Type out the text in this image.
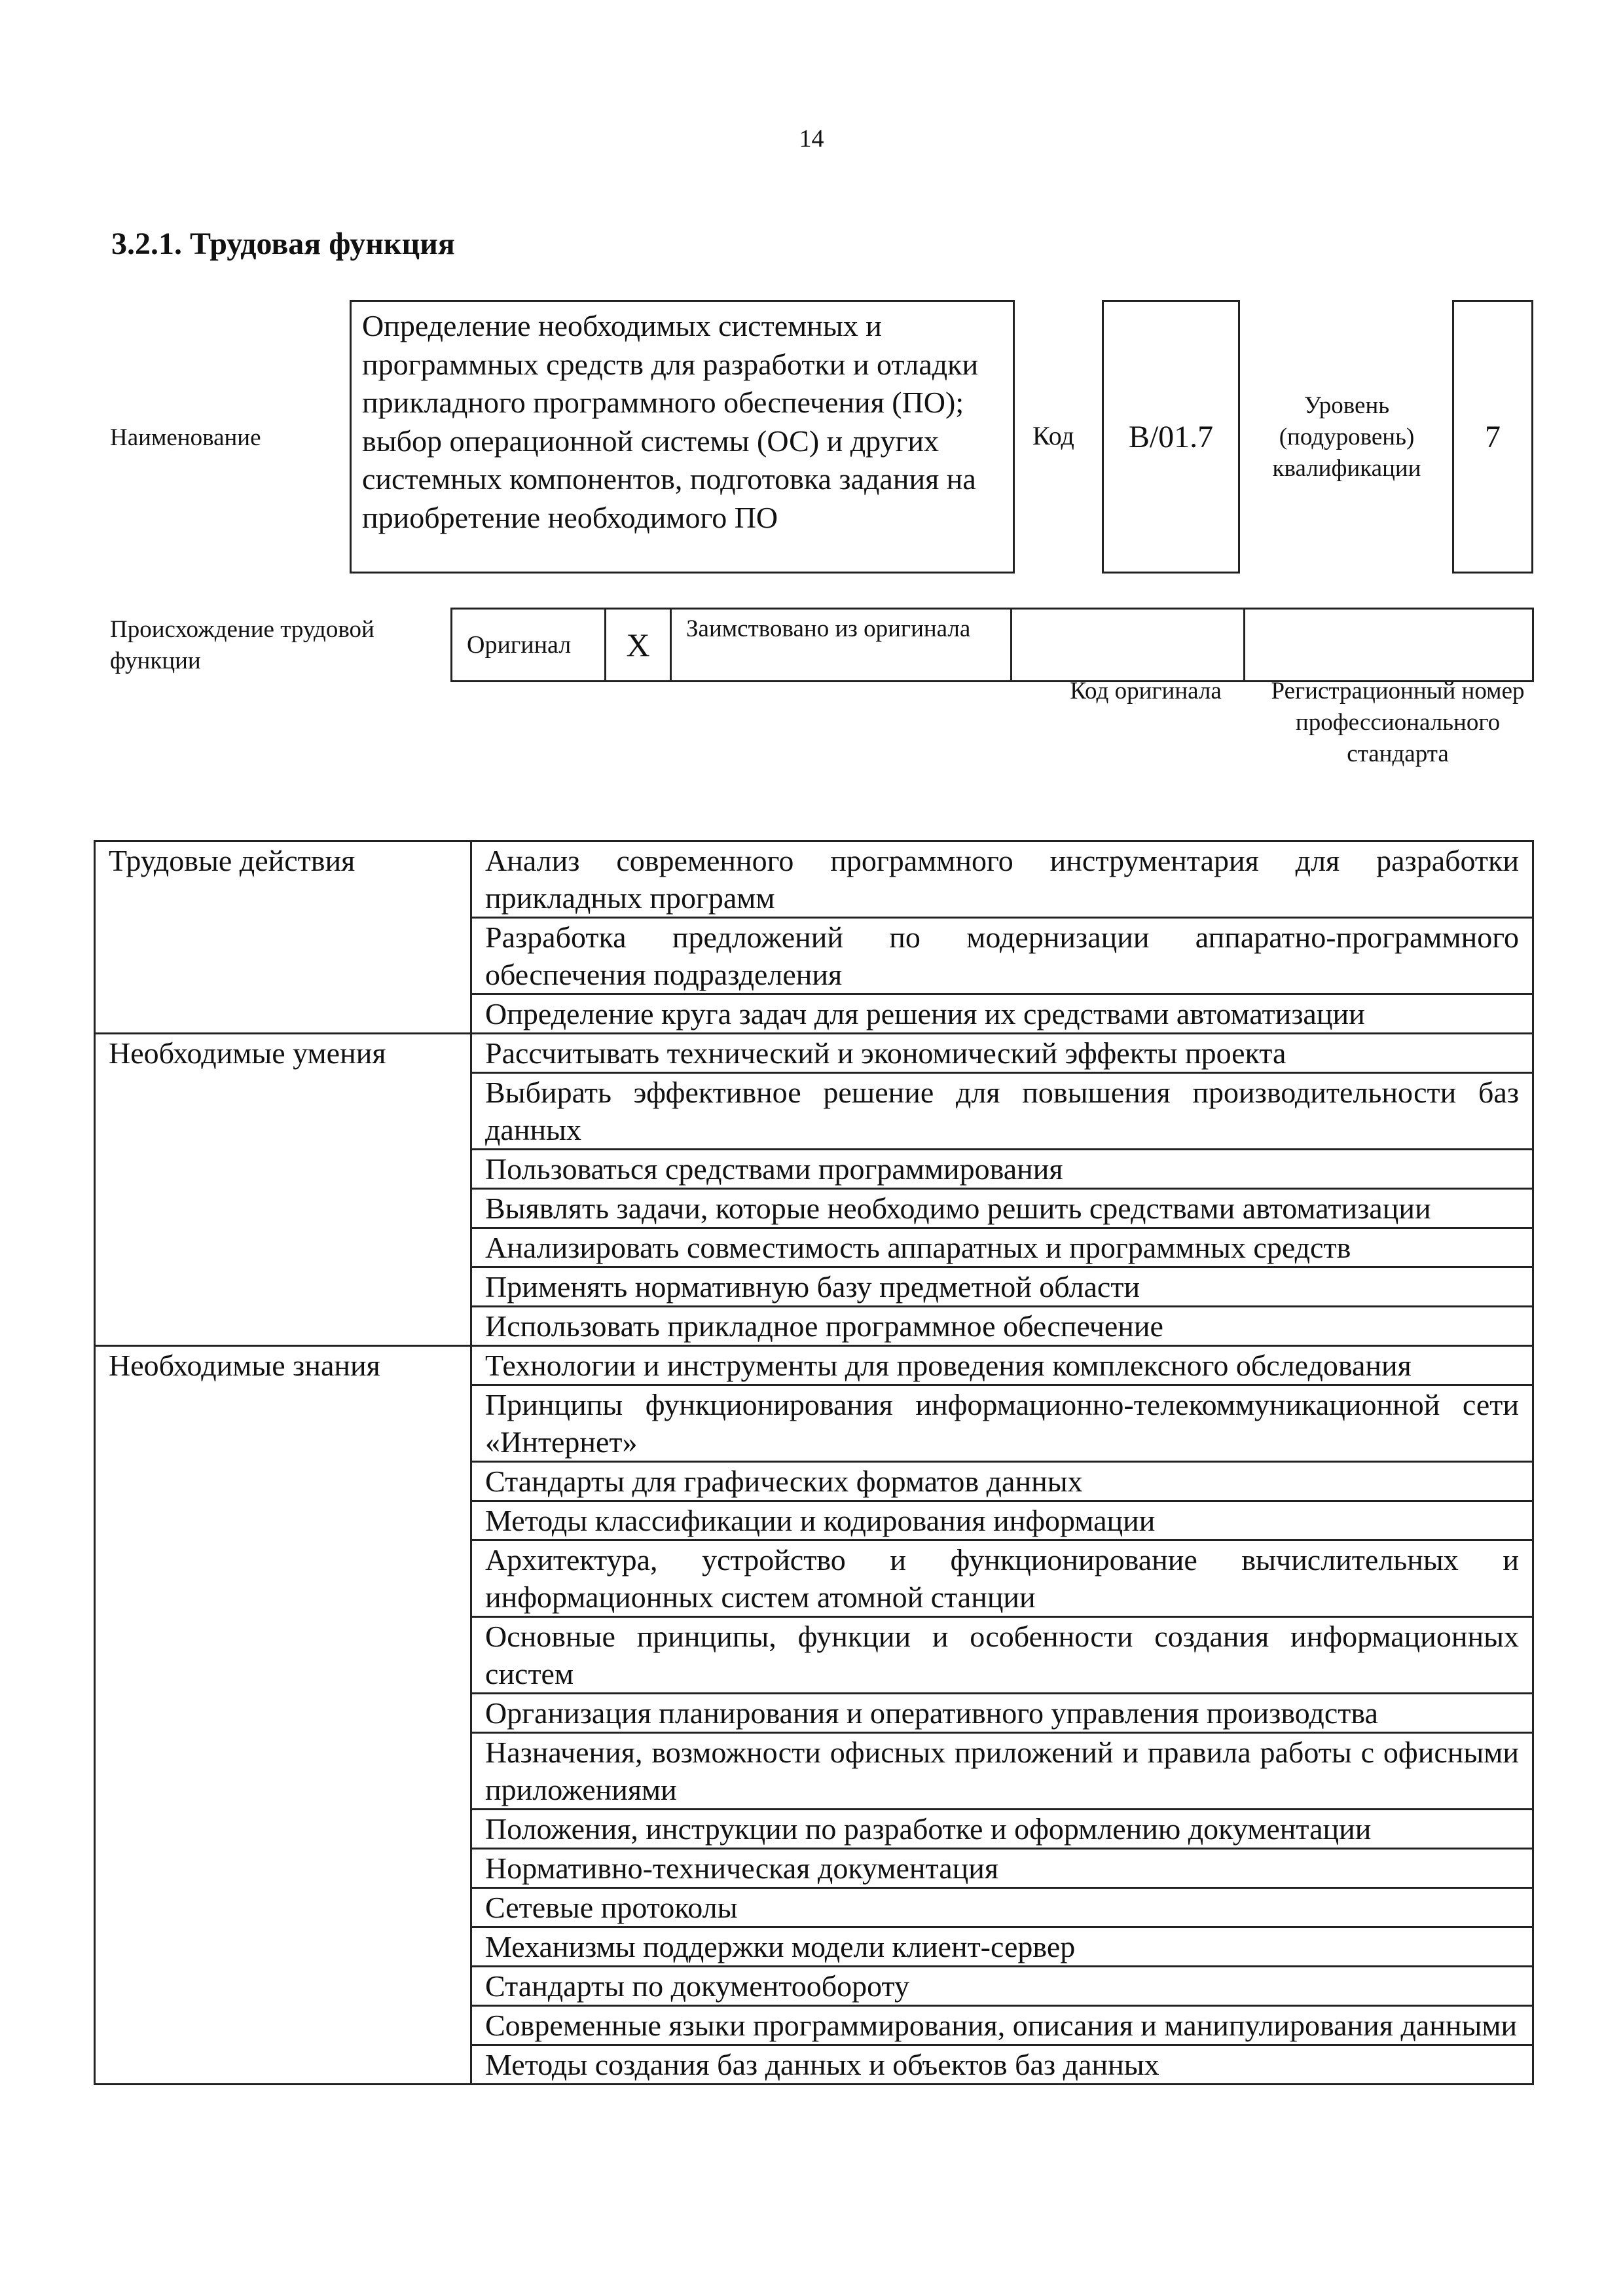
14
3.2.1. Трудовая функция
Наименование
Определение необходимых системных и программных средств для разработки и отладки прикладного программного обеспечения (ПО); выбор операционной системы (ОС) и других системных компонентов, подготовка задания на приобретение необходимого ПО
Код	B/01.7
Уровень (подуровень) квалификации
7
Происхождение трудовой функции
Оригинал	X	Заимствовано из оригинала
Код оригинала	Регистрационный номер профессионального стандарта
Трудовые действия	Анализ современного программного инструментария для разработки прикладных программ
	Разработка предложений по модернизации аппаратно-программного обеспечения подразделения
	Определение круга задач для решения их средствами автоматизации
Необходимые умения	Рассчитывать технический и экономический эффекты проекта
	Выбирать эффективное решение для повышения производительности баз данных
	Пользоваться средствами программирования
	Выявлять задачи, которые необходимо решить средствами автоматизации
	Анализировать совместимость аппаратных и программных средств
	Применять нормативную базу предметной области
	Использовать прикладное программное обеспечение
Необходимые знания	Технологии и инструменты для проведения комплексного обследования
	Принципы функционирования информационно-телекоммуникационной сети «Интернет»
	Стандарты для графических форматов данных
	Методы классификации и кодирования информации
	Архитектура, устройство и функционирование вычислительных и информационных систем атомной станции
	Основные принципы, функции и особенности создания информационных систем
	Организация планирования и оперативного управления производства
	Назначения, возможности офисных приложений и правила работы с офисными приложениями
	Положения, инструкции по разработке и оформлению документации
	Нормативно-техническая документация
	Сетевые протоколы
	Механизмы поддержки модели клиент-сервер
	Стандарты по документообороту
	Современные языки программирования, описания и манипулирования данными
	Методы создания баз данных и объектов баз данных
